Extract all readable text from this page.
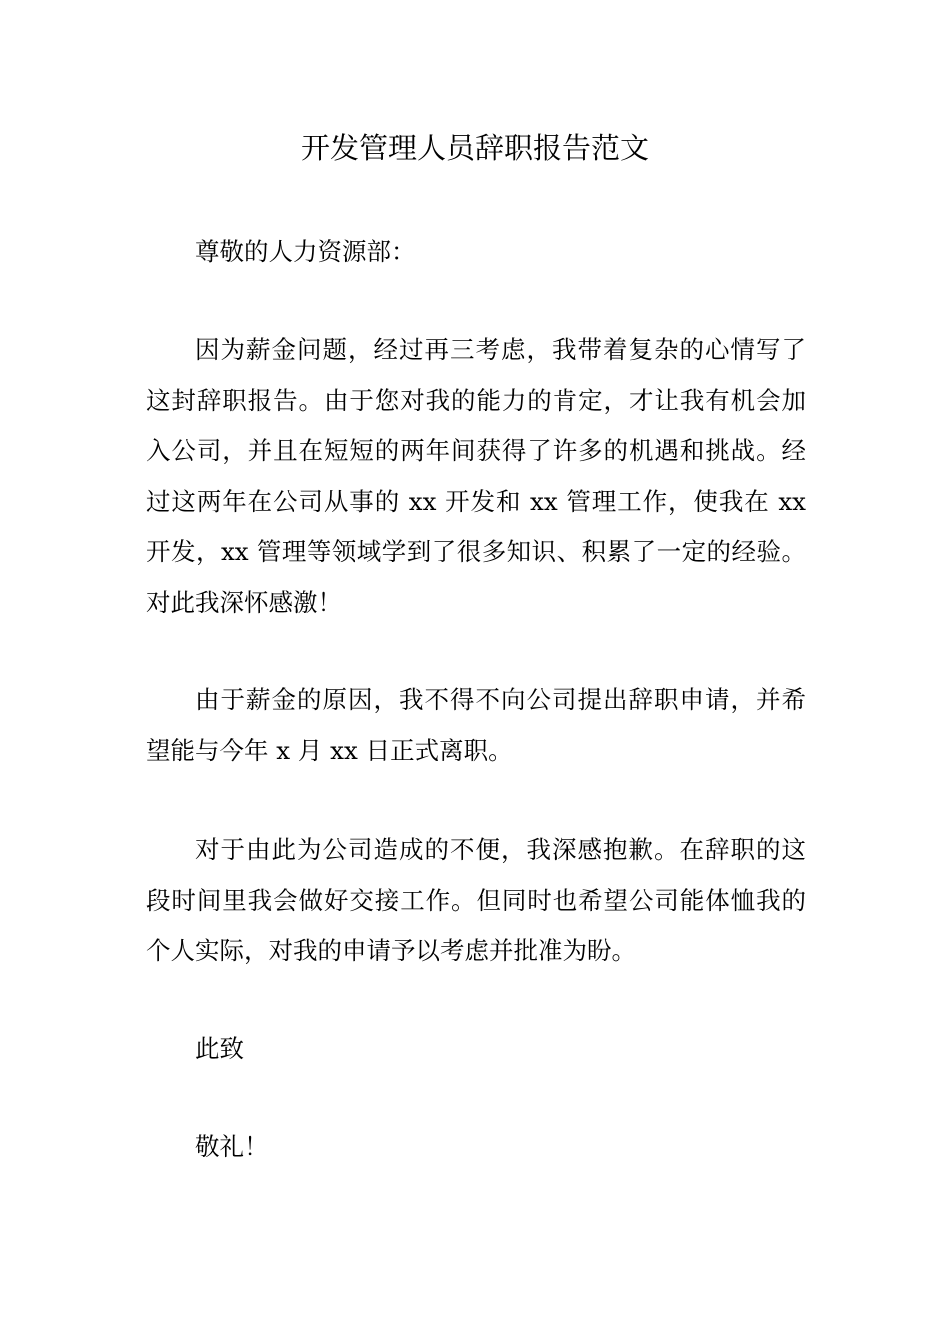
开发管理人员辞职报告范文

尊敬的人力资源部：

因为薪金问题，经过再三考虑，我带着复杂的心情写了这封辞职报告。由于您对我的能力的肯定，才让我有机会加入公司，并且在短短的两年间获得了许多的机遇和挑战。经过这两年在公司从事的 xx 开发和 xx 管理工作，使我在 xx 开发，xx 管理等领域学到了很多知识、积累了一定的经验。对此我深怀感激！

由于薪金的原因，我不得不向公司提出辞职申请，并希望能与今年 x 月 xx 日正式离职。

对于由此为公司造成的不便，我深感抱歉。在辞职的这段时间里我会做好交接工作。但同时也希望公司能体恤我的个人实际，对我的申请予以考虑并批准为盼。

此致

敬礼！
